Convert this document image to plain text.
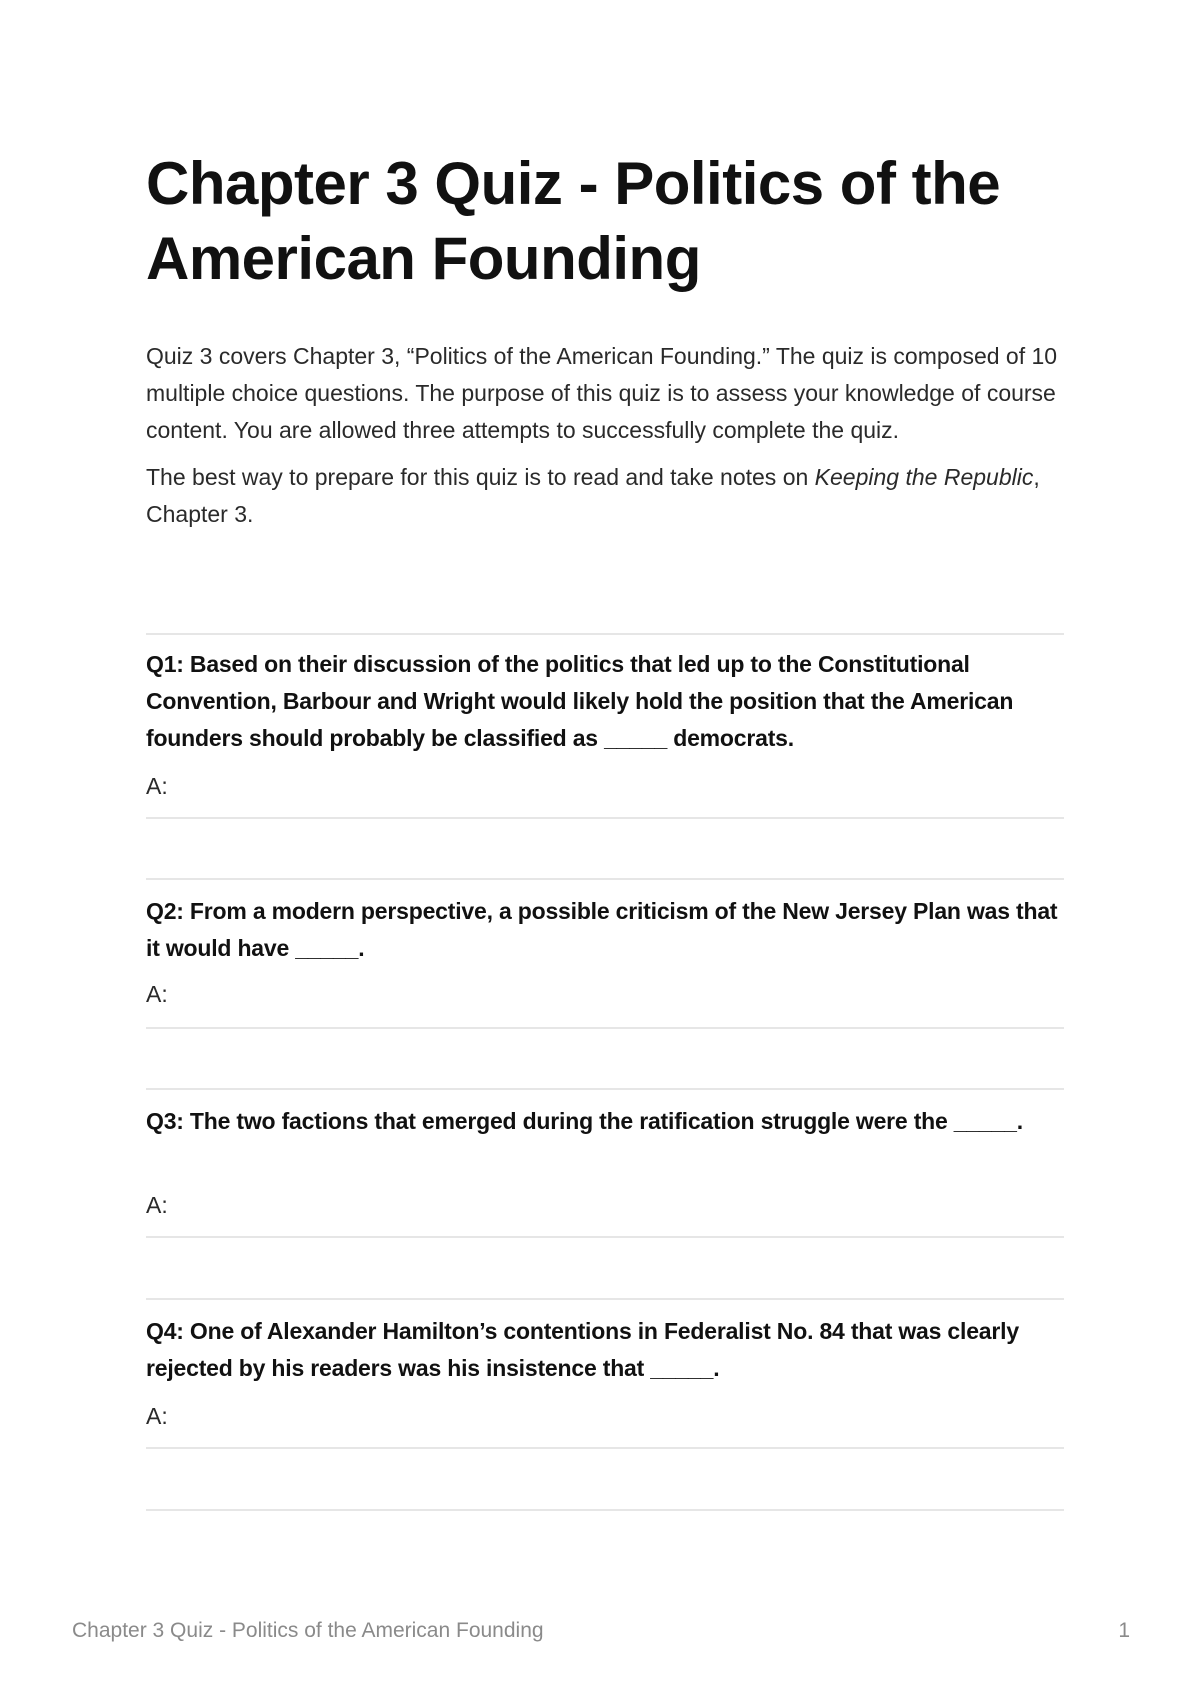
Chapter 3 Quiz - Politics of the American Founding

Quiz 3 covers Chapter 3, “Politics of the American Founding.” The quiz is composed of 10 multiple choice questions. The purpose of this quiz is to assess your knowledge of course content. You are allowed three attempts to successfully complete the quiz.

The best way to prepare for this quiz is to read and take notes on Keeping the Republic, Chapter 3.

Q1: Based on their discussion of the politics that led up to the Constitutional Convention, Barbour and Wright would likely hold the position that the American founders should probably be classified as _____ democrats.

A:

Q2: From a modern perspective, a possible criticism of the New Jersey Plan was that it would have _____.

A:

Q3: The two factions that emerged during the ratification struggle were the _____.

A:

Q4: One of Alexander Hamilton’s contentions in Federalist No. 84 that was clearly rejected by his readers was his insistence that _____.

A:
Chapter 3 Quiz - Politics of the American Founding	1
